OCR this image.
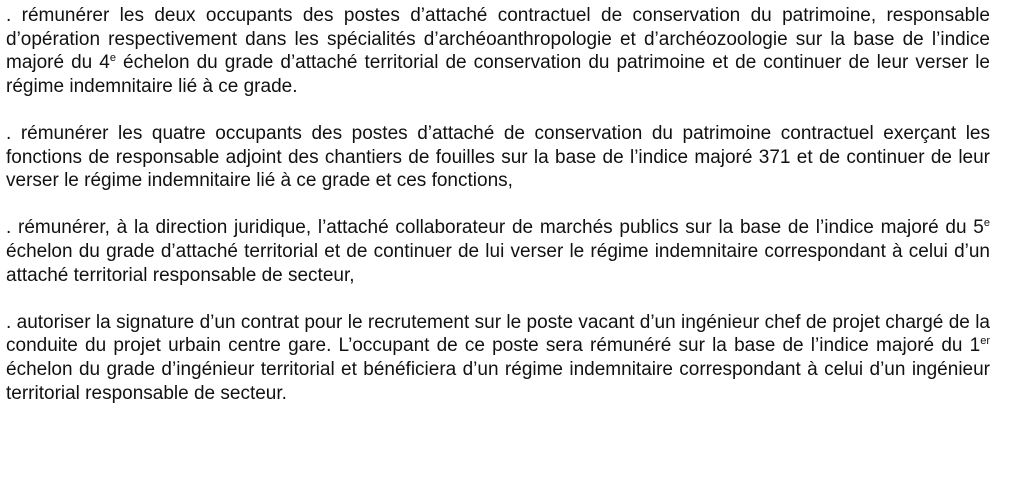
. rémunérer les deux occupants des postes d’attaché contractuel de conservation du patrimoine, responsable d’opération respectivement dans les spécialités d’archéoanthropologie et d’archéozoologie sur la base de l’indice majoré du 4e échelon du grade d’attaché territorial de conservation du patrimoine et de continuer de leur verser le régime indemnitaire lié à ce grade.

. rémunérer les quatre occupants des postes d’attaché de conservation du patrimoine contractuel exerçant les fonctions de responsable adjoint des chantiers de fouilles sur la base de l’indice majoré 371 et de continuer de leur verser le régime indemnitaire lié à ce grade et ces fonctions,

. rémunérer, à la direction juridique, l’attaché collaborateur de marchés publics sur la base de l’indice majoré du 5e échelon du grade d’attaché territorial et de continuer de lui verser le régime indemnitaire correspondant à celui d’un attaché territorial responsable de secteur,

. autoriser la signature d’un contrat pour le recrutement sur le poste vacant d’un ingénieur chef de projet chargé de la conduite du projet urbain centre gare. L’occupant de ce poste sera rémunéré sur la base de l’indice majoré du 1er échelon du grade d’ingénieur territorial et bénéficiera d’un régime indemnitaire correspondant à celui d’un ingénieur territorial responsable de secteur.
